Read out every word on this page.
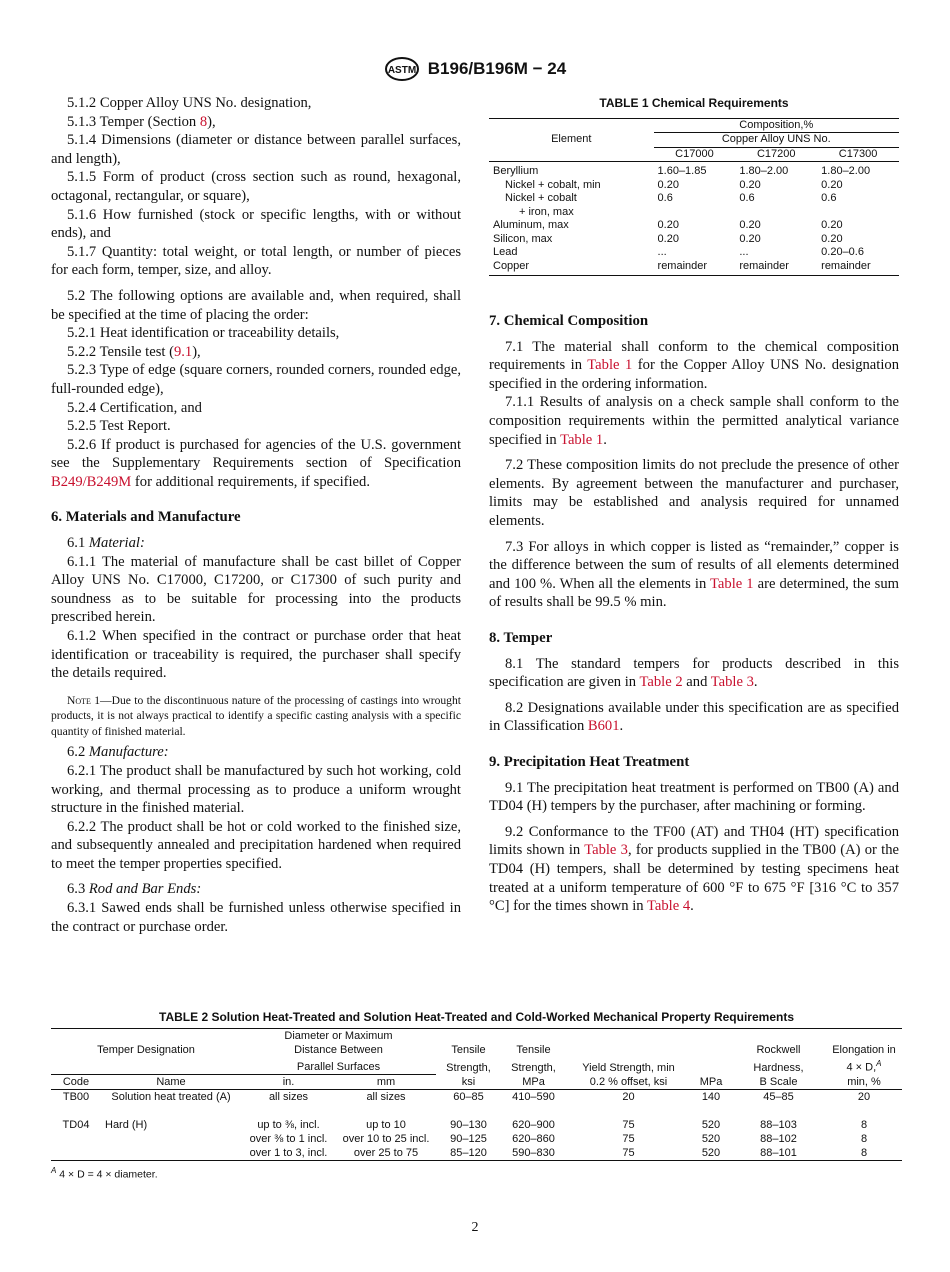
ASTM B196/B196M − 24

5.1.2 Copper Alloy UNS No. designation,

5.1.3 Temper (Section 8),

5.1.4 Dimensions (diameter or distance between parallel surfaces, and length),

5.1.5 Form of product (cross section such as round, hexagonal, octagonal, rectangular, or square),

5.1.6 How furnished (stock or specific lengths, with or without ends), and

5.1.7 Quantity: total weight, or total length, or number of pieces for each form, temper, size, and alloy.

5.2 The following options are available and, when required, shall be specified at the time of placing the order:

5.2.1 Heat identification or traceability details,

5.2.2 Tensile test (9.1),

5.2.3 Type of edge (square corners, rounded corners, rounded edge, full-rounded edge),

5.2.4 Certification, and

5.2.5 Test Report.

5.2.6 If product is purchased for agencies of the U.S. government see the Supplementary Requirements section of Specification B249/B249M for additional requirements, if specified.

6. Materials and Manufacture

6.1 Material:

6.1.1 The material of manufacture shall be cast billet of Copper Alloy UNS No. C17000, C17200, or C17300 of such purity and soundness as to be suitable for processing into the products prescribed herein.

6.1.2 When specified in the contract or purchase order that heat identification or traceability is required, the purchaser shall specify the details required.

Note 1—Due to the discontinuous nature of the processing of castings into wrought products, it is not always practical to identify a specific casting analysis with a specific quantity of finished material.

6.2 Manufacture:

6.2.1 The product shall be manufactured by such hot working, cold working, and thermal processing as to produce a uniform wrought structure in the finished material.

6.2.2 The product shall be hot or cold worked to the finished size, and subsequently annealed and precipitation hardened when required to meet the temper properties specified.

6.3 Rod and Bar Ends:

6.3.1 Sawed ends shall be furnished unless otherwise specified in the contract or purchase order.

TABLE 1 Chemical Requirements
Element	Composition,%		
	Copper Alloy UNS No.		
	C17000	C17200	C17300
Beryllium	1.60–1.85	1.80–2.00	1.80–2.00
Nickel + cobalt, min	0.20	0.20	0.20
Nickel + cobalt	0.6	0.6	0.6
+ iron, max			
Aluminum, max	0.20	0.20	0.20
Silicon, max	0.20	0.20	0.20
Lead	...	...	0.20–0.6
Copper	remainder	remainder	remainder
7. Chemical Composition

7.1 The material shall conform to the chemical composition requirements in Table 1 for the Copper Alloy UNS No. designation specified in the ordering information.

7.1.1 Results of analysis on a check sample shall conform to the composition requirements within the permitted analytical variance specified in Table 1.

7.2 These composition limits do not preclude the presence of other elements. By agreement between the manufacturer and purchaser, limits may be established and analysis required for unnamed elements.

7.3 For alloys in which copper is listed as “remainder,” copper is the difference between the sum of results of all elements determined and 100 %. When all the elements in Table 1 are determined, the sum of results shall be 99.5 % min.

8. Temper

8.1 The standard tempers for products described in this specification are given in Table 2 and Table 3.

8.2 Designations available under this specification are as specified in Classification B601.

9. Precipitation Heat Treatment

9.1 The precipitation heat treatment is performed on TB00 (A) and TD04 (H) tempers by the purchaser, after machining or forming.

9.2 Conformance to the TF00 (AT) and TH04 (HT) specification limits shown in Table 3, for products supplied in the TB00 (A) or the TD04 (H) tempers, shall be determined by testing specimens heat treated at a uniform temperature of 600 °F to 675 °F [316 °C to 357 °C] for the times shown in Table 4.

TABLE 2 Solution Heat-Treated and Solution Heat-Treated and Cold-Worked Mechanical Property Requirements
		Diameter or Maximum							
Temper Designation		Distance Between		Tensile	Tensile			Rockwell	Elongation in
		Parallel Surfaces		Strength,	Strength,	Yield Strength, min		Hardness,	4 × D,$^A$
Code	Name	in.	mm	ksi	MPa	0.2 % offset, ksi	MPa	B Scale	min, %
TB00	Solution heat treated (A)	all sizes	all sizes	60–85	410–590	20	140	45–85	20

TD04	Hard (H)	up to ⅜, incl.	up to 10	90–130	620–900	75	520	88–103	8
		over ⅜ to 1 incl.	over 10 to 25 incl.	90–125	620–860	75	520	88–102	8
		over 1 to 3, incl.	over 25 to 75	85–120	590–830	75	520	88–101	8
$^A$ 4 × D = 4 × diameter.
2
